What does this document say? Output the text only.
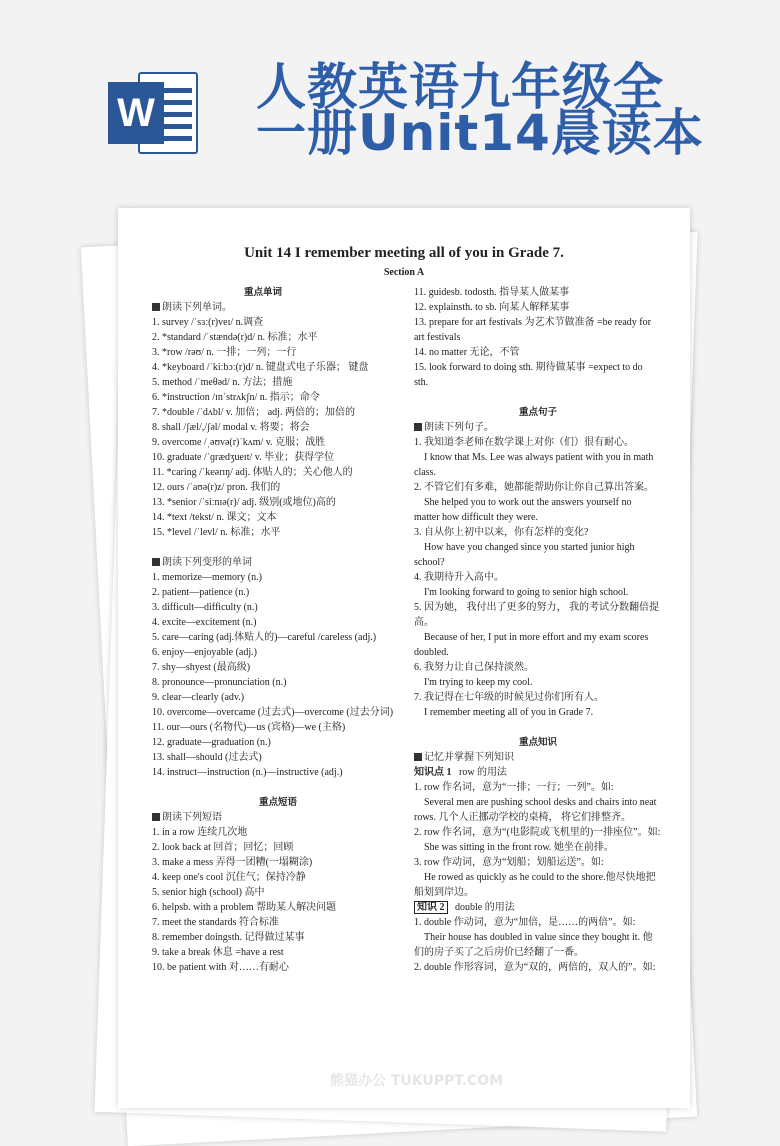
W 人教英语九年级全
一册Unit14晨读本
Unit 14 I remember meeting all of you in Grade 7.
Section A
重点单词
朗读下列单词。
1. survey /ˈsɜː(r)veɪ/ n.调查
2. *standard /ˈstændə(r)d/ n. 标准；水平
3. *row /rəʊ/ n. 一排；一列；一行
4. *keyboard /ˈkiːbɔː(r)d/ n. 键盘式电子乐器； 键盘
5. method /ˈmeθəd/ n. 方法；措施
6. *instruction /ɪnˈstrʌkʃn/ n. 指示；命令
7. *double /ˈdʌbl/ v. 加倍； adj. 两倍的；加倍的
8. shall /ʃæl/,/ʃəl/ modal v. 将要；将会
9. overcome /ˌəʊvə(r)ˈkʌm/ v. 克服；战胜
10. graduate /ˈɡrædʒueɪt/ v. 毕业；获得学位
11. *caring /ˈkeərɪŋ/ adj. 体贴人的；关心他人的
12. ours /ˈaʊə(r)z/ pron. 我们的
13. *senior /ˈsiːnɪə(r)/ adj. 级别(或地位)高的
14. *text /tekst/ n. 课文；文本
15. *level /ˈlevl/ n. 标准；水平
朗读下列变形的单词
1. memorize—memory (n.)
2. patient—patience (n.)
3. difficult—difficulty (n.)
4. excite—excitement (n.)
5. care—caring (adj.体贴人的)—careful /careless (adj.)
6. enjoy—enjoyable (adj.)
7. shy—shyest (最高级)
8. pronounce—pronunciation (n.)
9. clear—clearly (adv.)
10. overcome—overcame (过去式)—overcome (过去分词)
11. our—ours (名物代)—us (宾格)—we (主格)
12. graduate—graduation (n.)
13. shall—should (过去式)
14. instruct—instruction (n.)—instructive (adj.)
重点短语
朗读下列短语
1. in a row 连续几次地
2. look back at 回首；回忆；回顾
3. make a mess 弄得一团糟(一塌糊涂)
4. keep one's cool 沉住气；保持冷静
5. senior high (school) 高中
6. helpsb. with a problem 帮助某人解决问题
7. meet the standards 符合标准
8. remember doingsth. 记得做过某事
9. take a break 休息 =have a rest
10. be patient with 对……有耐心
11. guidesb. todosth. 指导某人做某事
12. explainsth. to sb. 向某人解释某事
13. prepare for art festivals 为艺术节做准备 =be ready for
art festivals
14. no matter 无论，不管
15. look forward to doing sth. 期待做某事 =expect to do
sth.
重点句子
朗读下列句子。
1. 我知道李老师在数学课上对你（们）很有耐心。
I know that Ms. Lee was always patient with you in math
class.
2. 不管它们有多难，她都能帮助你让你自己算出答案。
She helped you to work out the answers yourself no
matter how difficult they were.
3. 自从你上初中以来，你有怎样的变化?
How have you changed since you started junior high
school?
4. 我期待升入高中。
I'm looking forward to going to senior high school.
5. 因为她， 我付出了更多的努力， 我的考试分数翻倍提
高。
Because of her, I put in more effort and my exam scores
doubled.
6. 我努力让自己保持淡然。
I'm trying to keep my cool.
7. 我记得在七年级的时候见过你们所有人。
I remember meeting all of you in Grade 7.
重点知识
记忆并掌握下列知识
知识点 1 row 的用法
1. row 作名词，意为“一排；一行；一列”。如:
Several men are pushing school desks and chairs into neat
rows. 几个人正挪动学校的桌椅， 将它们排整齐。
2. row 作名词，意为“(电影院或飞机里的)一排座位”。如:
She was sitting in the front row. 她坐在前排。
3. row 作动词，意为“划船；划船运送”。如:
He rowed as quickly as he could to the shore.他尽快地把
船划到岸边。
知识 2 double 的用法
1. double 作动词，意为“加倍，是……的两倍”。如:
Their house has doubled in value since they bought it. 他
们的房子买了之后房价已经翻了一番。
2. double 作形容词，意为“双的，两倍的，双人的”。如:
熊猫办公 TUKUPPT.COM
